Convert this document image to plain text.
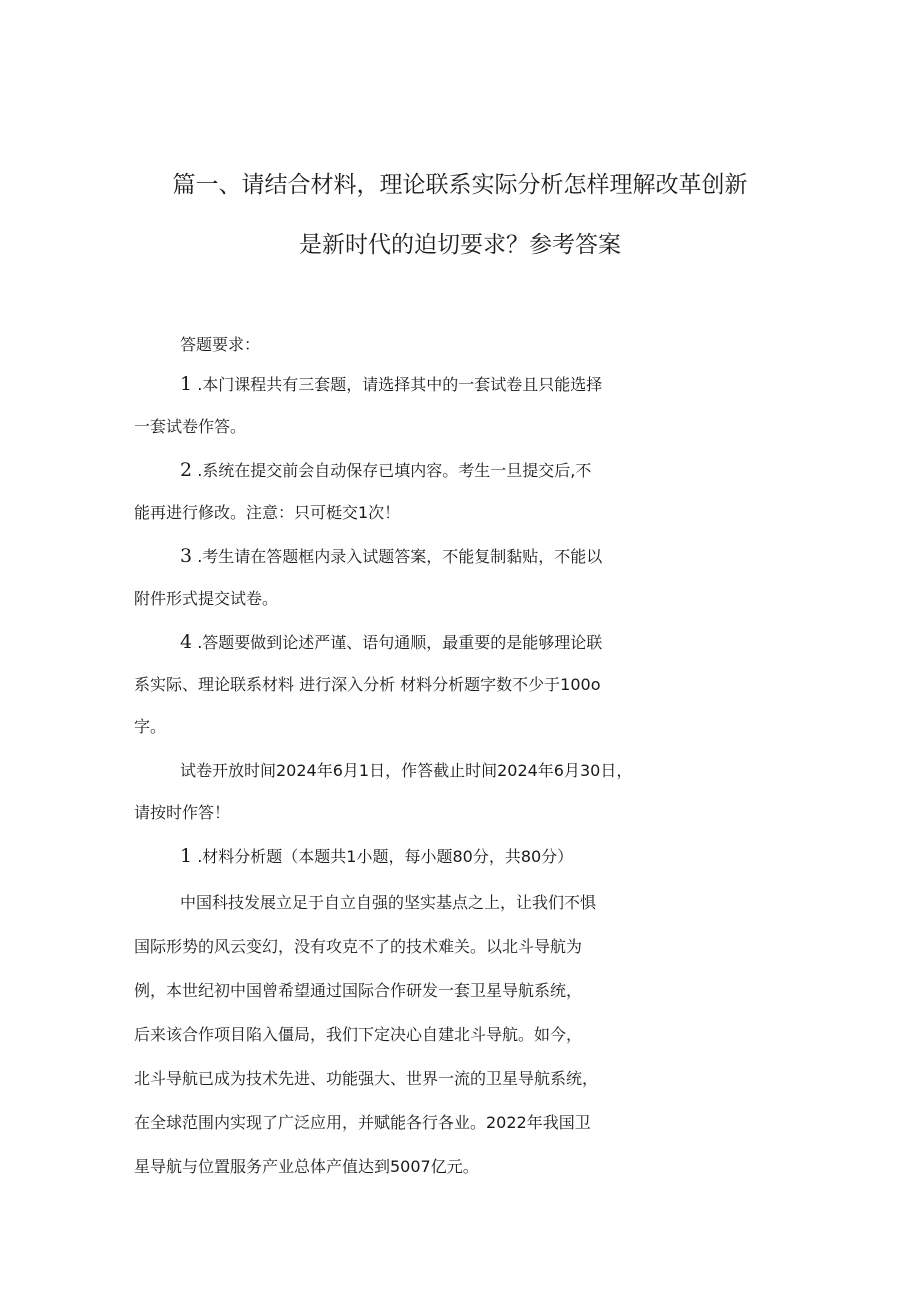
篇一、请结合材料，理论联系实际分析怎样理解改革创新
是新时代的迫切要求？参考答案
答题要求：
1 .本门课程共有三套题，请选择其中的一套试卷且只能选择
一套试卷作答。
2 .系统在提交前会自动保存已填内容。考生一旦提交后,不
能再进行修改。注意：只可梃交1次！
3 .考生请在答题框内录入试题答案，不能复制黏贴，不能以
附件形式提交试卷。
4 .答题要做到论述严谨、语句通顺，最重要的是能够理论联
系实际、理论联系材料 进行深入分析 材料分析题字数不少于100o
字。
试卷开放时间2024年6月1日，作答截止时间2024年6月30日，
请按时作答！
1 .材料分析题（本题共1小题，每小题80分，共80分）
中国科技发展立足于自立自强的坚实基点之上，让我们不惧
国际形势的风云变幻，没有攻克不了的技术难关。以北斗导航为
例，本世纪初中国曾希望通过国际合作研发一套卫星导航系统，
后来该合作项目陷入僵局，我们下定决心自建北斗导航。如今，
北斗导航已成为技术先进、功能强大、世界一流的卫星导航系统，
在全球范围内实现了广泛应用，并赋能各行各业。2022年我国卫
星导航与位置服务产业总体产值达到5007亿元。
